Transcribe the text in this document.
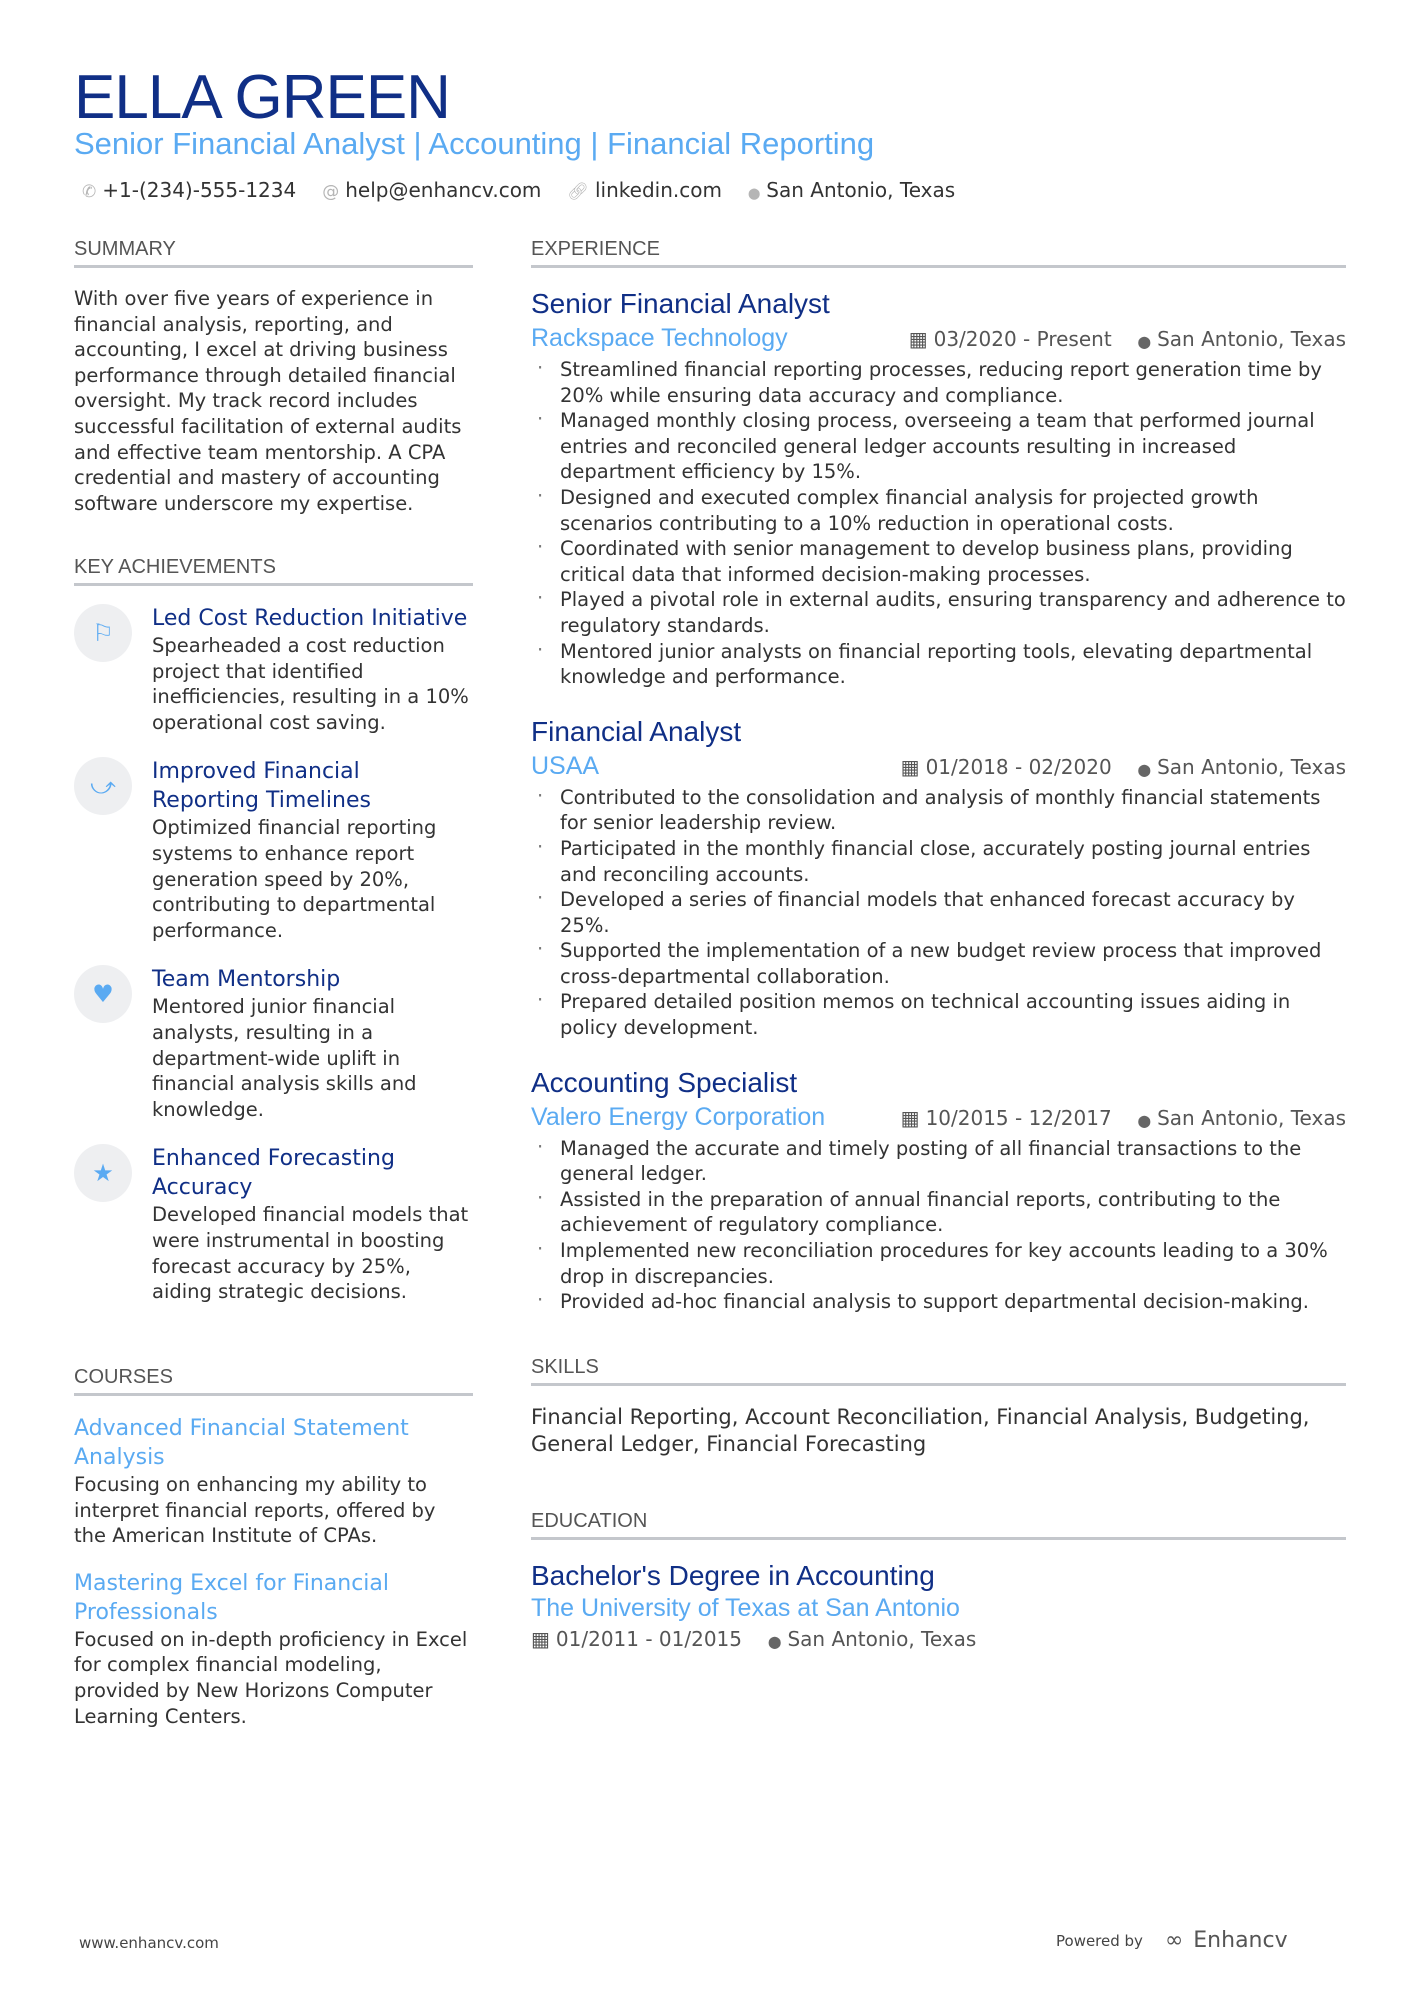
ELLA GREEN
Senior Financial Analyst | Accounting | Financial Reporting
✆ +1-(234)-555-1234 @ help@enhancv.com 🔗︎ linkedin.com ⬤ San Antonio, Texas
SUMMARY
With over five years of experience in financial analysis, reporting, and accounting, I excel at driving business performance through detailed financial oversight. My track record includes successful facilitation of external audits and effective team mentorship. A CPA credential and mastery of accounting software underscore my expertise.
KEY ACHIEVEMENTS
⚐
Led Cost Reduction Initiative
Spearheaded a cost reduction project that identified inefficiencies, resulting in a 10% operational cost saving.
⤻
Improved Financial Reporting Timelines
Optimized financial reporting systems to enhance report generation speed by 20%, contributing to departmental performance.
♥
Team Mentorship
Mentored junior financial analysts, resulting in a department-wide uplift in financial analysis skills and knowledge.
★
Enhanced Forecasting Accuracy
Developed financial models that were instrumental in boosting forecast accuracy by 25%, aiding strategic decisions.
COURSES
Advanced Financial Statement Analysis
Focusing on enhancing my ability to interpret financial reports, offered by the American Institute of CPAs.
Mastering Excel for Financial Professionals
Focused on in-depth proficiency in Excel for complex financial modeling, provided by New Horizons Computer Learning Centers.
EXPERIENCE
Senior Financial Analyst
Rackspace Technology	▦ 03/2020 - Present ⬤ San Antonio, Texas
· Streamlined financial reporting processes, reducing report generation time by 20% while ensuring data accuracy and compliance.
· Managed monthly closing process, overseeing a team that performed journal entries and reconciled general ledger accounts resulting in increased department efficiency by 15%.
· Designed and executed complex financial analysis for projected growth scenarios contributing to a 10% reduction in operational costs.
· Coordinated with senior management to develop business plans, providing critical data that informed decision-making processes.
· Played a pivotal role in external audits, ensuring transparency and adherence to regulatory standards.
· Mentored junior analysts on financial reporting tools, elevating departmental knowledge and performance.
Financial Analyst
USAA	▦ 01/2018 - 02/2020 ⬤ San Antonio, Texas
· Contributed to the consolidation and analysis of monthly financial statements for senior leadership review.
· Participated in the monthly financial close, accurately posting journal entries and reconciling accounts.
· Developed a series of financial models that enhanced forecast accuracy by 25%.
· Supported the implementation of a new budget review process that improved cross-departmental collaboration.
· Prepared detailed position memos on technical accounting issues aiding in policy development.
Accounting Specialist
Valero Energy Corporation	▦ 10/2015 - 12/2017 ⬤ San Antonio, Texas
· Managed the accurate and timely posting of all financial transactions to the general ledger.
· Assisted in the preparation of annual financial reports, contributing to the achievement of regulatory compliance.
· Implemented new reconciliation procedures for key accounts leading to a 30% drop in discrepancies.
· Provided ad-hoc financial analysis to support departmental decision-making.
SKILLS
Financial Reporting, Account Reconciliation, Financial Analysis, Budgeting, General Ledger, Financial Forecasting
EDUCATION
Bachelor's Degree in Accounting
The University of Texas at San Antonio
▦ 01/2011 - 01/2015 ⬤ San Antonio, Texas
www.enhancv.com	Powered by ∞ Enhancv
